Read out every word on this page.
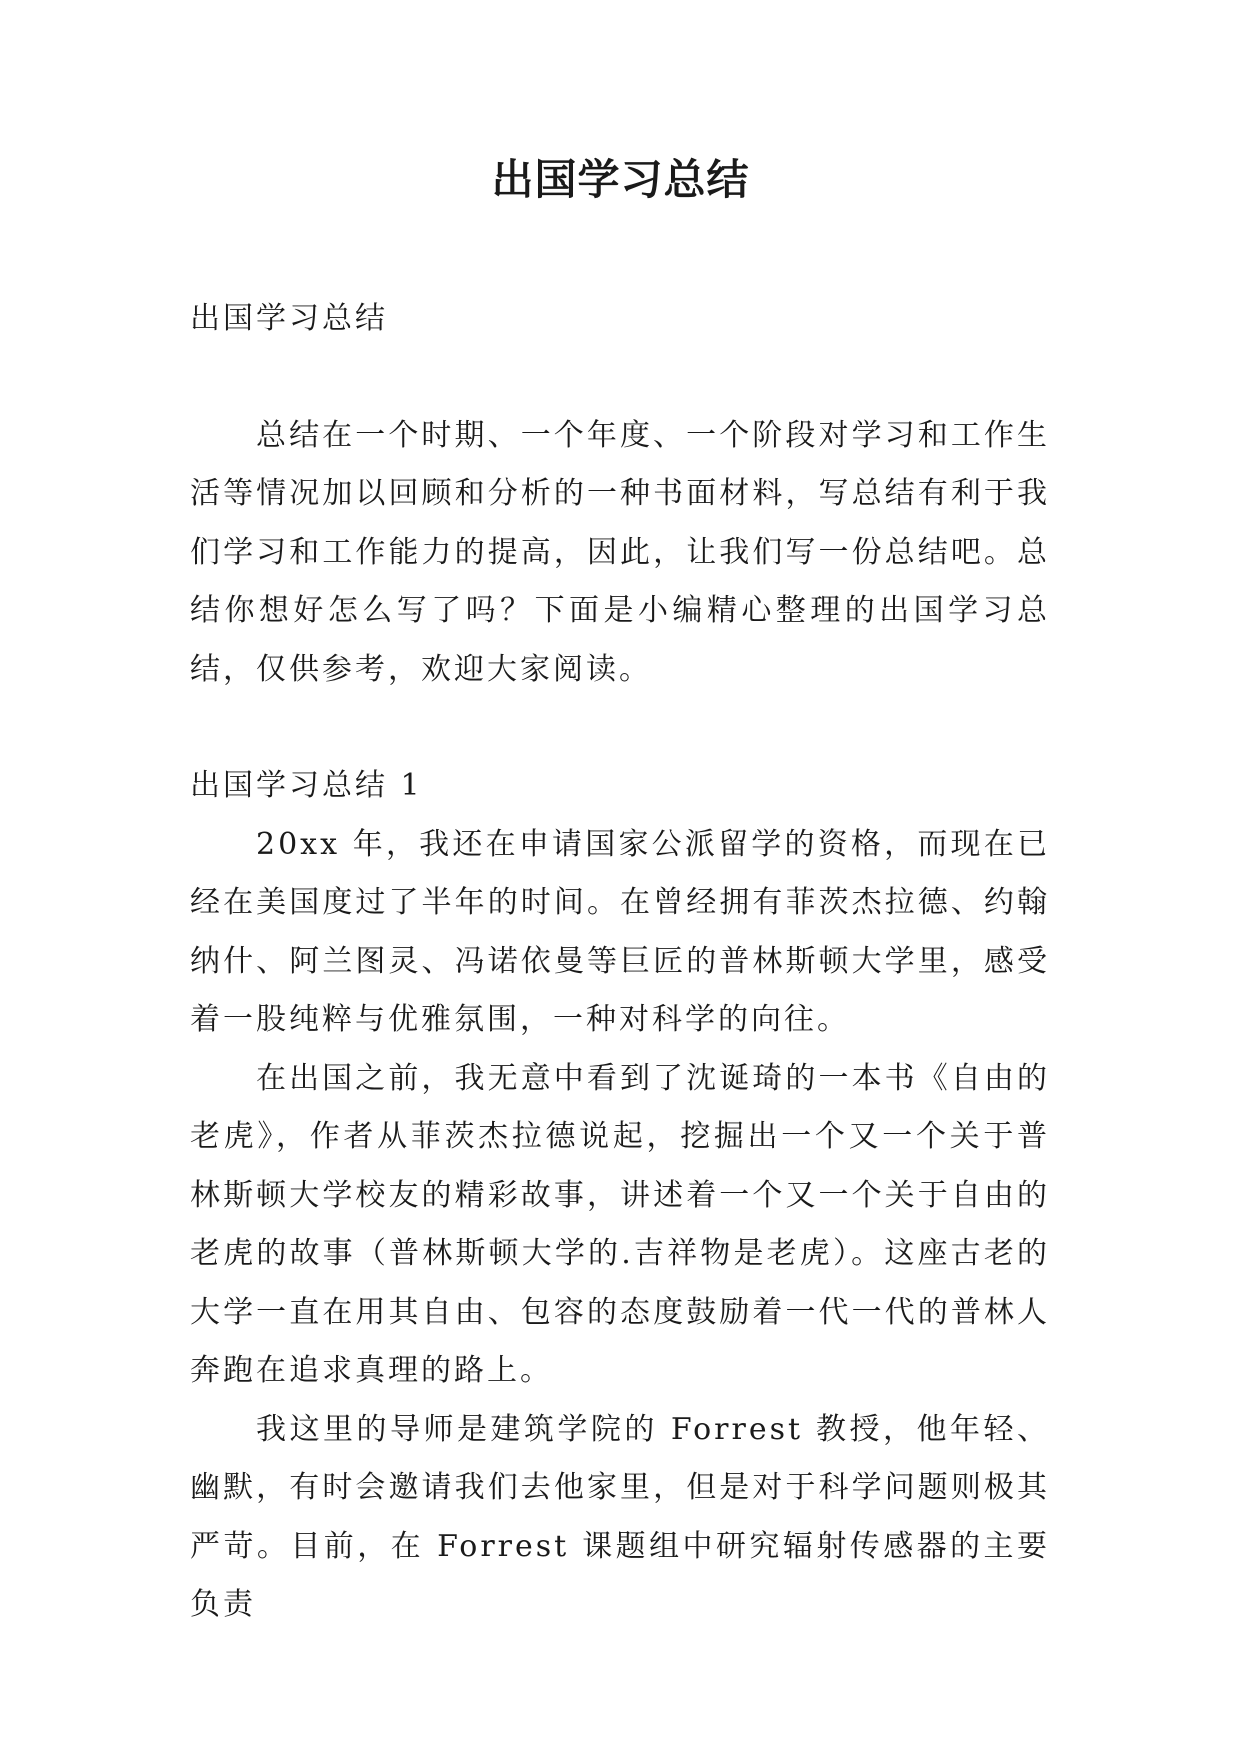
出国学习总结

出国学习总结

总结在一个时期、一个年度、一个阶段对学习和工作生活等情况加以回顾和分析的一种书面材料，写总结有利于我们学习和工作能力的提高，因此，让我们写一份总结吧。总结你想好怎么写了吗？下面是小编精心整理的出国学习总结，仅供参考，欢迎大家阅读。

出国学习总结 1

20xx 年，我还在申请国家公派留学的资格，而现在已经在美国度过了半年的时间。在曾经拥有菲茨杰拉德、约翰纳什、阿兰图灵、冯诺依曼等巨匠的普林斯顿大学里，感受着一股纯粹与优雅氛围，一种对科学的向往。

在出国之前，我无意中看到了沈诞琦的一本书《自由的老虎》，作者从菲茨杰拉德说起，挖掘出一个又一个关于普林斯顿大学校友的精彩故事，讲述着一个又一个关于自由的老虎的故事（普林斯顿大学的.吉祥物是老虎）。这座古老的大学一直在用其自由、包容的态度鼓励着一代一代的普林人奔跑在追求真理的路上。

我这里的导师是建筑学院的 Forrest 教授，他年轻、幽默，有时会邀请我们去他家里，但是对于科学问题则极其严苛。目前，在 Forrest 课题组中研究辐射传感器的主要负责
